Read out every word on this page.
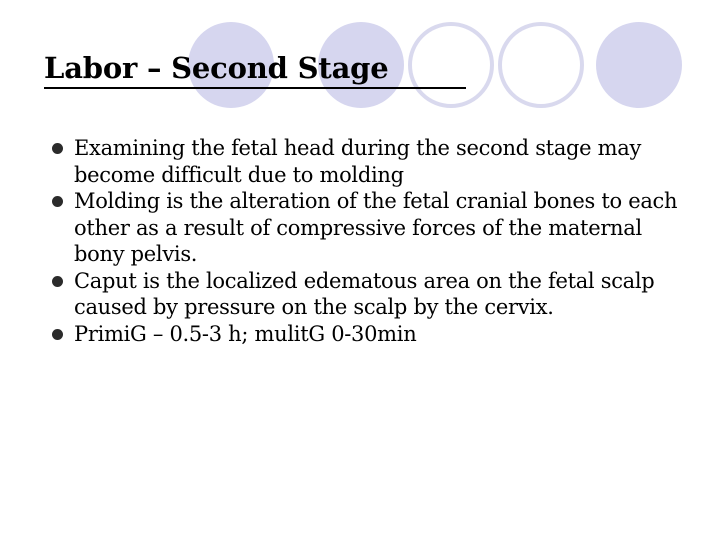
Labor – Second Stage
Examining the fetal head during the second stage may become difficult due to molding
Molding is the alteration of the fetal cranial bones to each other as a result of compressive forces of the maternal bony pelvis.
Caput is the localized edematous area on the fetal scalp caused by pressure on the scalp by the cervix.
PrimiG – 0.5-3 h; mulitG 0-30min
